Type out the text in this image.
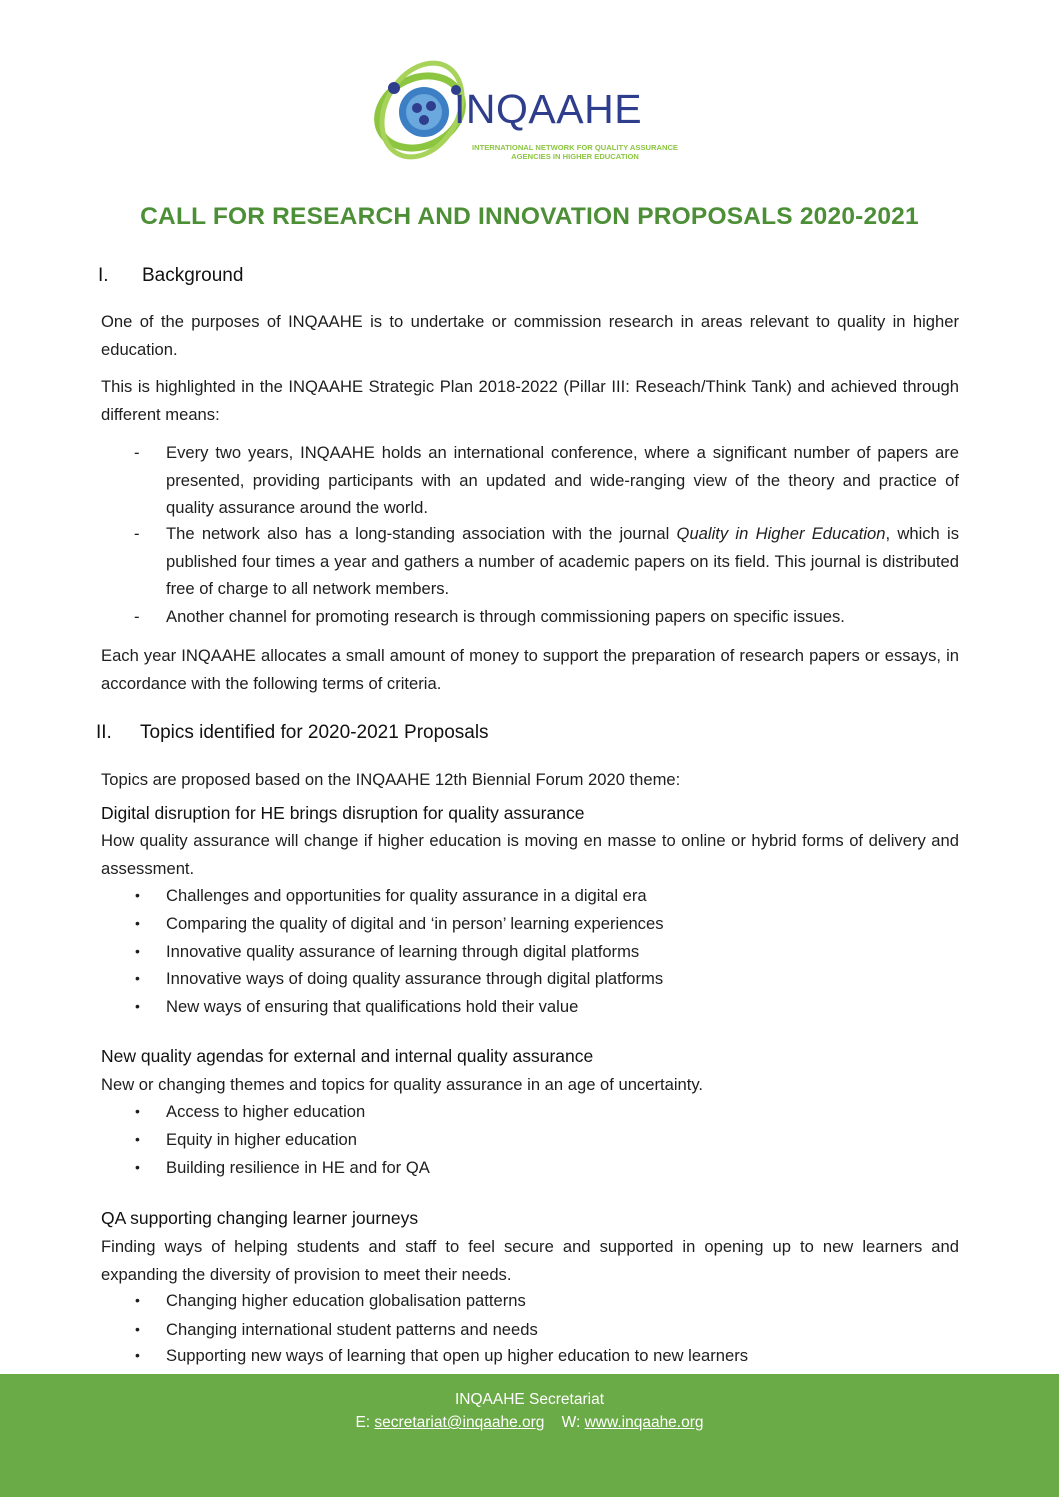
INQAAHE
INTERNATIONAL NETWORK FOR QUALITY ASSURANCE
AGENCIES IN HIGHER EDUCATION
CALL FOR RESEARCH AND INNOVATION PROPOSALS 2020-2021
I. Background

One of the purposes of INQAAHE is to undertake or commission research in areas relevant to quality in higher education.

This is highlighted in the INQAAHE Strategic Plan 2018-2022 (Pillar III: Reseach/Think Tank) and achieved through different means:

- Every two years, INQAAHE holds an international conference, where a significant number of papers are presented, providing participants with an updated and wide-ranging view of the theory and practice of quality assurance around the world.
- The network also has a long-standing association with the journal Quality in Higher Education, which is published four times a year and gathers a number of academic papers on its field. This journal is distributed free of charge to all network members.
- Another channel for promoting research is through commissioning papers on specific issues.

Each year INQAAHE allocates a small amount of money to support the preparation of research papers or essays, in accordance with the following terms of criteria.

II. Topics identified for 2020-2021 Proposals

Topics are proposed based on the INQAAHE 12th Biennial Forum 2020 theme:

Digital disruption for HE brings disruption for quality assurance

How quality assurance will change if higher education is moving en masse to online or hybrid forms of delivery and assessment.

• Challenges and opportunities for quality assurance in a digital era
• Comparing the quality of digital and ‘in person’ learning experiences
• Innovative quality assurance of learning through digital platforms
• Innovative ways of doing quality assurance through digital platforms
• New ways of ensuring that qualifications hold their value
New quality agendas for external and internal quality assurance

New or changing themes and topics for quality assurance in an age of uncertainty.

• Access to higher education
• Equity in higher education
• Building resilience in HE and for QA
QA supporting changing learner journeys

Finding ways of helping students and staff to feel secure and supported in opening up to new learners and expanding the diversity of provision to meet their needs.

• Changing higher education globalisation patterns
• Changing international student patterns and needs
• Supporting new ways of learning that open up higher education to new learners
INQAAHE Secretariat
E: secretariat@inqaahe.org W: www.inqaahe.org
